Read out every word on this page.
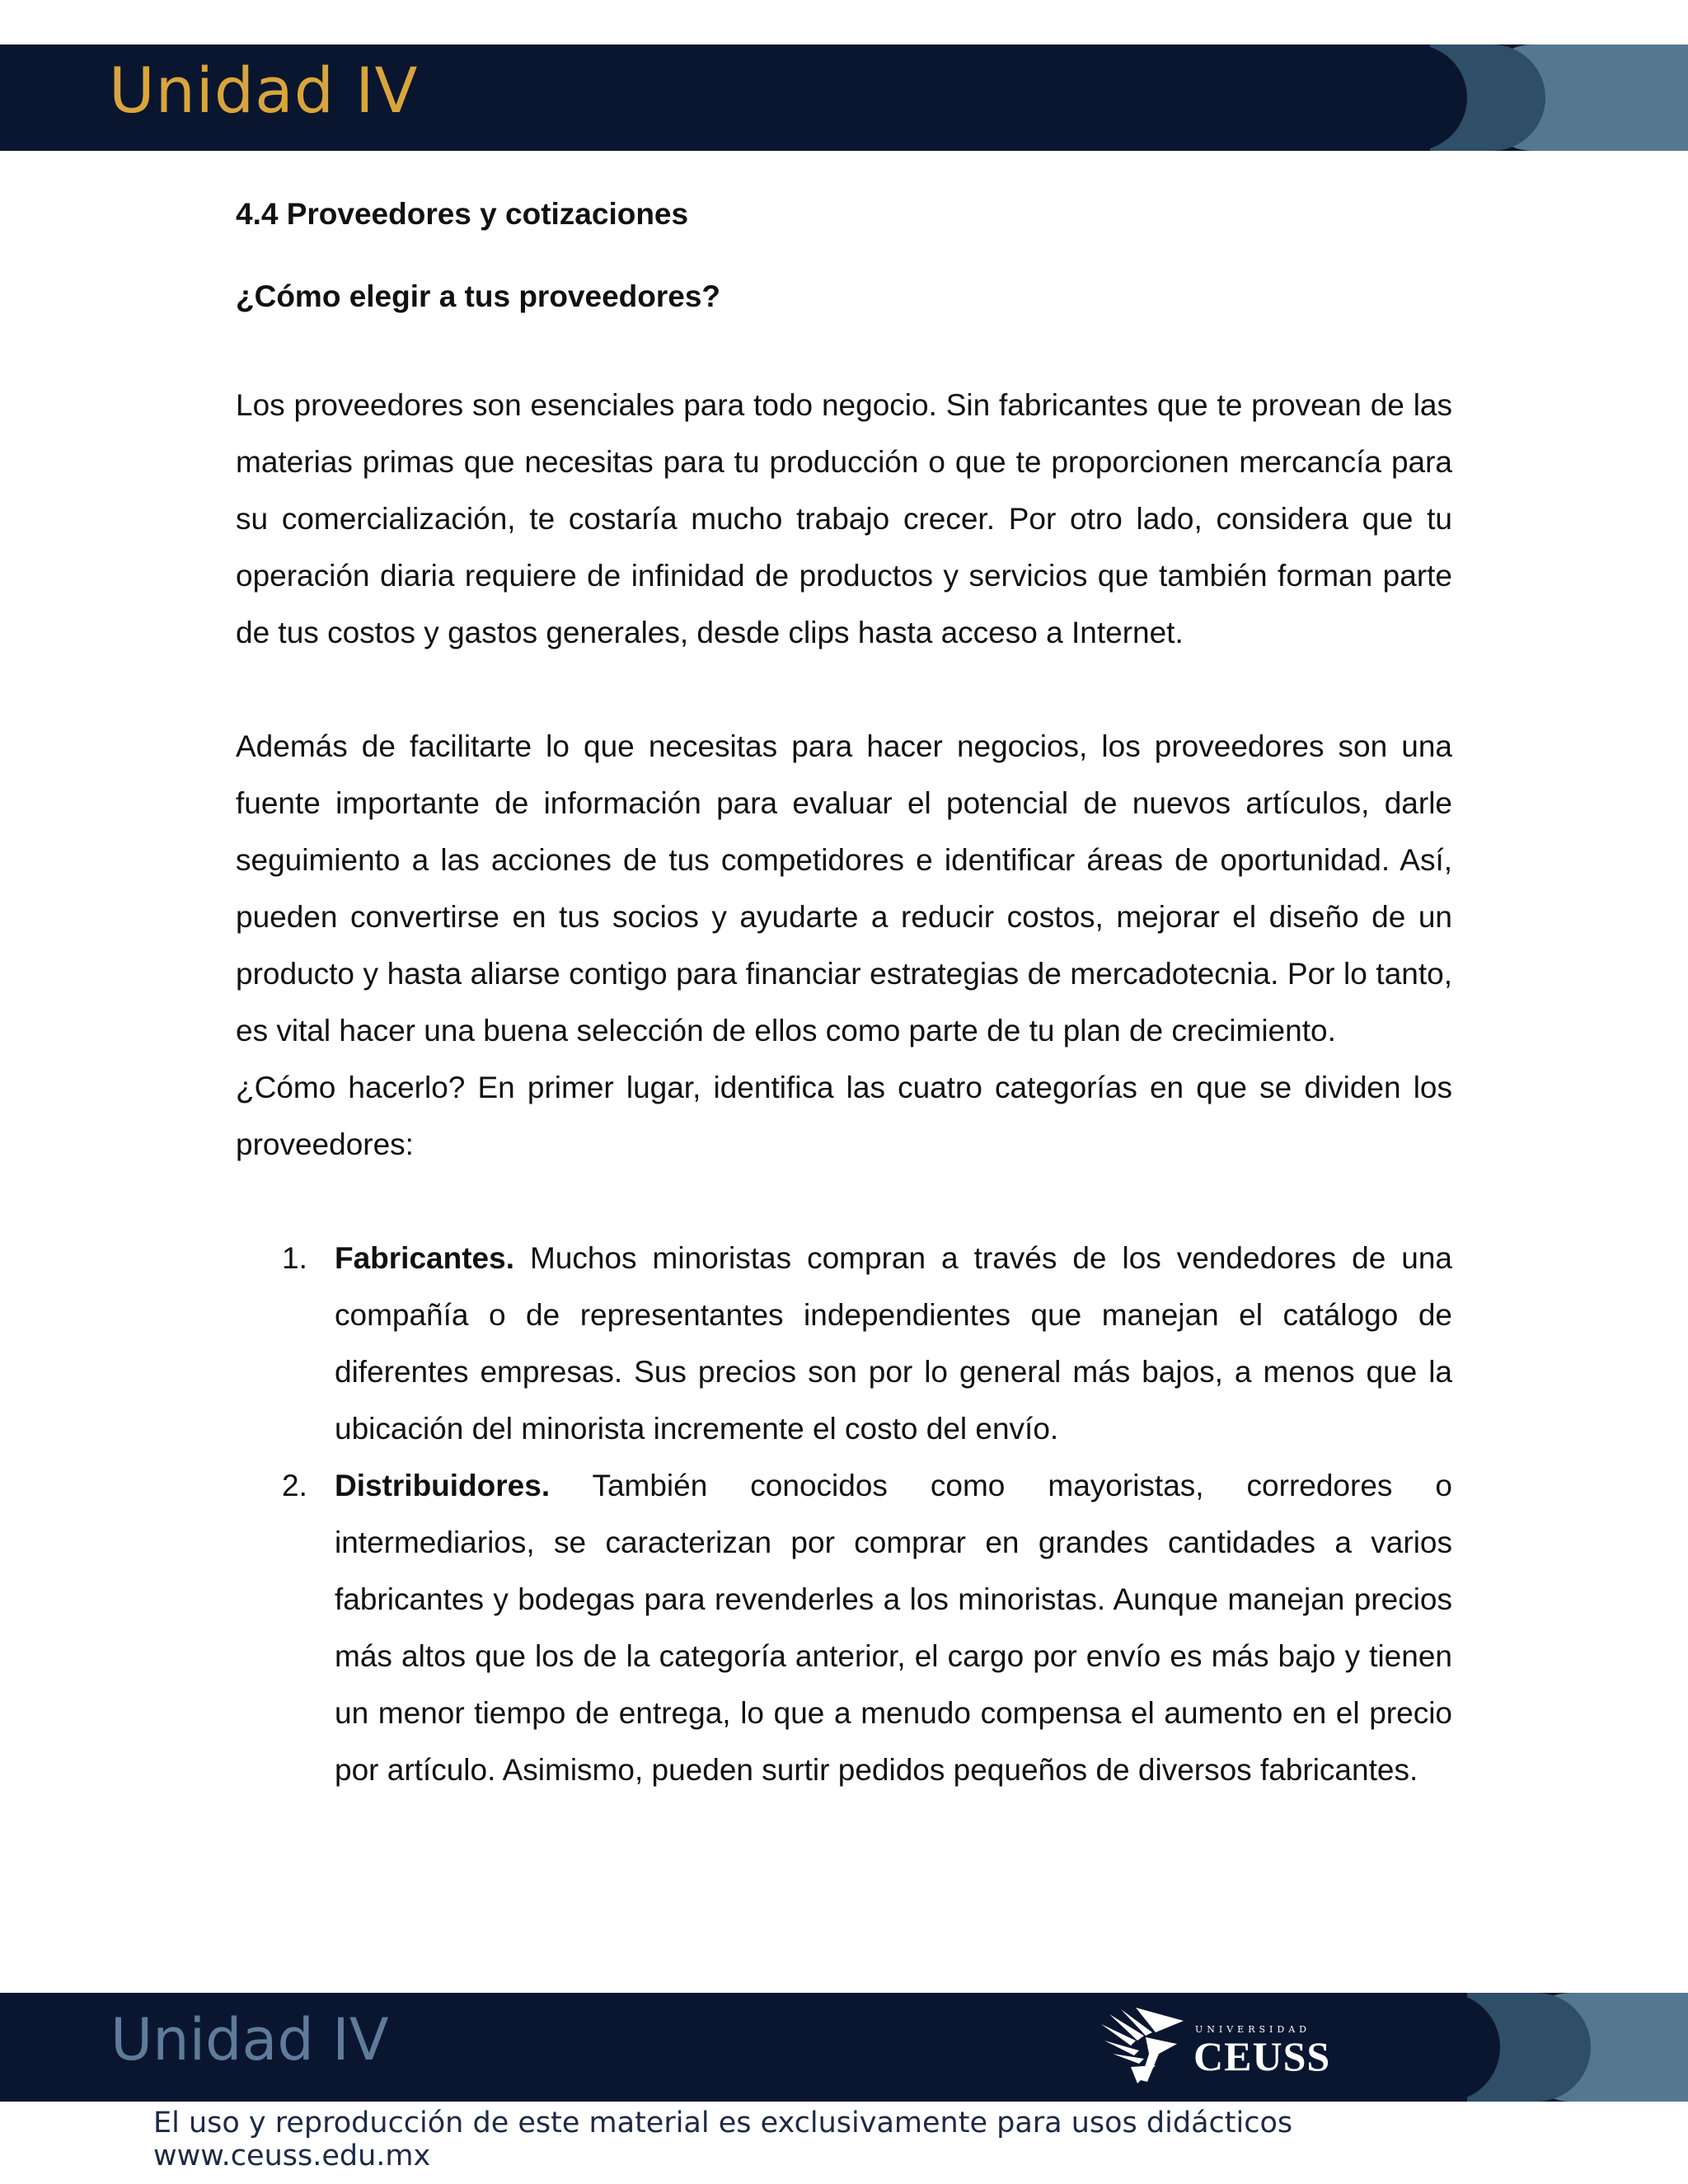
Unidad IV
4.4 Proveedores y cotizaciones
¿Cómo elegir a tus proveedores?

Los proveedores son esenciales para todo negocio. Sin fabricantes que te provean de las materias primas que necesitas para tu producción o que te proporcionen mercancía para su comercialización, te costaría mucho trabajo crecer. Por otro lado, considera que tu operación diaria requiere de infinidad de productos y servicios que también forman parte de tus costos y gastos generales, desde clips hasta acceso a Internet.

Además de facilitarte lo que necesitas para hacer negocios, los proveedores son una fuente importante de información para evaluar el potencial de nuevos artículos, darle seguimiento a las acciones de tus competidores e identificar áreas de oportunidad. Así, pueden convertirse en tus socios y ayudarte a reducir costos, mejorar el diseño de un producto y hasta aliarse contigo para financiar estrategias de mercadotecnia. Por lo tanto, es vital hacer una buena selección de ellos como parte de tu plan de crecimiento.

¿Cómo hacerlo? En primer lugar, identifica las cuatro categorías en que se dividen los proveedores:

1. Fabricantes. Muchos minoristas compran a través de los vendedores de una compañía o de representantes independientes que manejan el catálogo de diferentes empresas. Sus precios son por lo general más bajos, a menos que la ubicación del minorista incremente el costo del envío.
2. Distribuidores. También conocidos como mayoristas, corredores o intermediarios, se caracterizan por comprar en grandes cantidades a varios fabricantes y bodegas para revenderles a los minoristas. Aunque manejan precios más altos que los de la categoría anterior, el cargo por envío es más bajo y tienen un menor tiempo de entrega, lo que a menudo compensa el aumento en el precio por artículo. Asimismo, pueden surtir pedidos pequeños de diversos fabricantes.
Unidad IV	UNIVERSIDAD
CEUSS

El uso y reproducción de este material es exclusivamente para usos didácticos www.ceuss.edu.mx
